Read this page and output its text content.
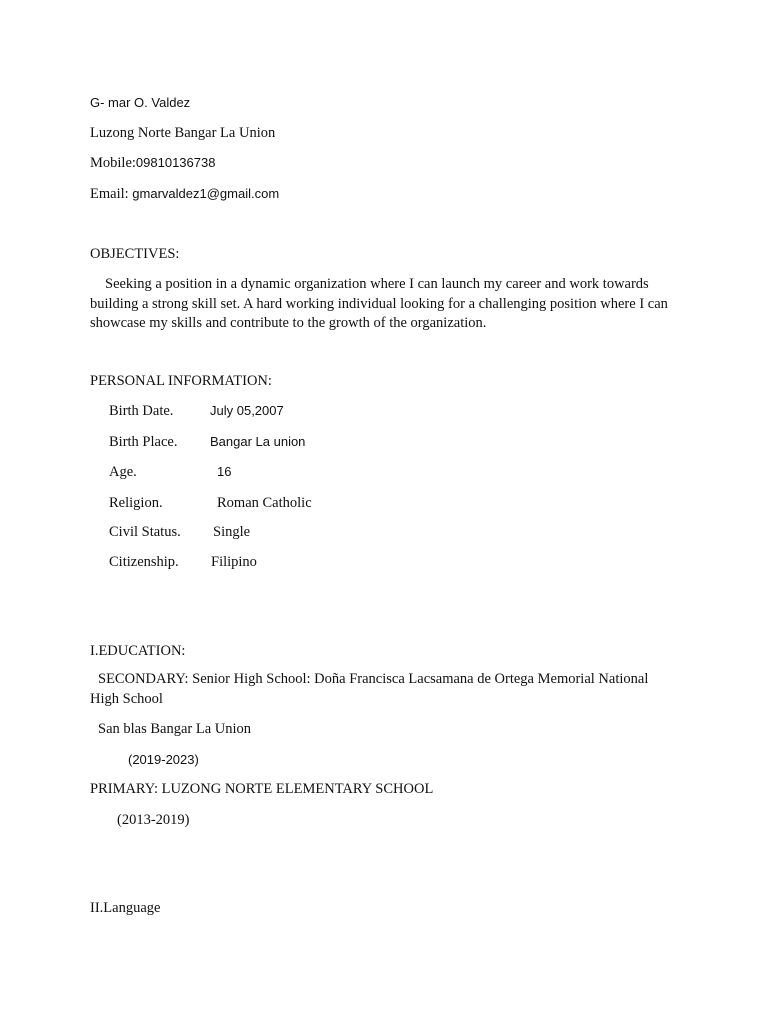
G- mar O. Valdez
Luzong Norte Bangar La Union
Mobile:09810136738
Email: gmarvaldez1@gmail.com
OBJECTIVES:
Seeking a position in a dynamic organization where I can launch my career and work towards building a strong skill set. A hard working individual looking for a challenging position where I can showcase my skills and contribute to the growth of the organization.
PERSONAL INFORMATION:
Birth Date.	July 05,2007
Birth Place.	Bangar La union
Age.	16
Religion.	Roman Catholic
Civil Status. Single
Citizenship. Filipino
I.EDUCATION:
SECONDARY: Senior High School: Doña Francisca Lacsamana de Ortega Memorial National High School
San blas Bangar La Union
(2019-2023)
PRIMARY: LUZONG NORTE ELEMENTARY SCHOOL
(2013-2019)
II.Language
